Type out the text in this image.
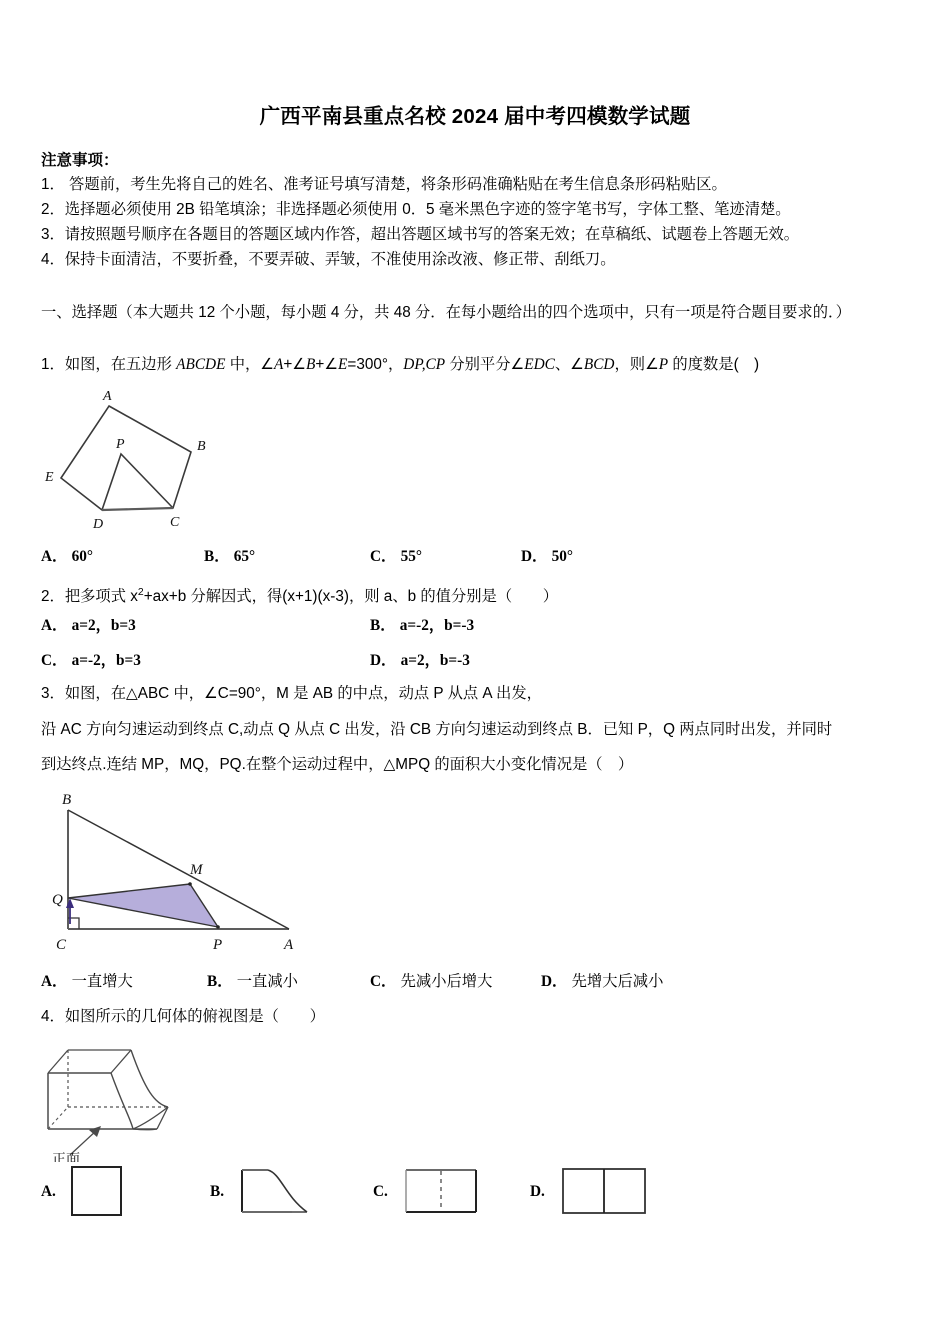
广西平南县重点名校 2024 届中考四模数学试题
注意事项：
1． 答题前，考生先将自己的姓名、准考证号填写清楚，将条形码准确粘贴在考生信息条形码粘贴区。
2．选择题必须使用 2B 铅笔填涂；非选择题必须使用 0．5 毫米黑色字迹的签字笔书写，字体工整、笔迹清楚。
3．请按照题号顺序在各题目的答题区域内作答，超出答题区域书写的答案无效；在草稿纸、试题卷上答题无效。
4．保持卡面清洁，不要折叠，不要弄破、弄皱，不准使用涂改液、修正带、刮纸刀。
一、选择题（本大题共 12 个小题，每小题 4 分，共 48 分．在每小题给出的四个选项中，只有一项是符合题目要求的．）
1．如图，在五边形 ABCDE 中，∠A+∠B+∠E=300°，DP,CP 分别平分∠EDC、∠BCD，则∠P 的度数是(　)
A
B
C
D
E
P
A． 60°	B． 65°	C． 55°	D． 50°
2．把多项式 $x^2+ax+b$ 分解因式，得(x+1)(x-3)，则 a、b 的值分别是（　　）
A． a=2，b=3	B． a=-2，b=-3
C． a=-2，b=3	D． a=2，b=-3
3．如图，在△ABC 中，∠C=90°，M 是 AB 的中点，动点 P 从点 A 出发，
沿 AC 方向匀速运动到终点 C,动点 Q 从点 C 出发，沿 CB 方向匀速运动到终点 B．已知 P，Q 两点同时出发，并同时
到达终点.连结 MP，MQ，PQ.在整个运动过程中，△MPQ 的面积大小变化情况是（　）
B
Q
C	P	A
M
A． 一直增大	B． 一直减小	C． 先减小后增大	D． 先增大后减小
4．如图所示的几何体的俯视图是（　　）
正面
A.	B.	C.	D.
